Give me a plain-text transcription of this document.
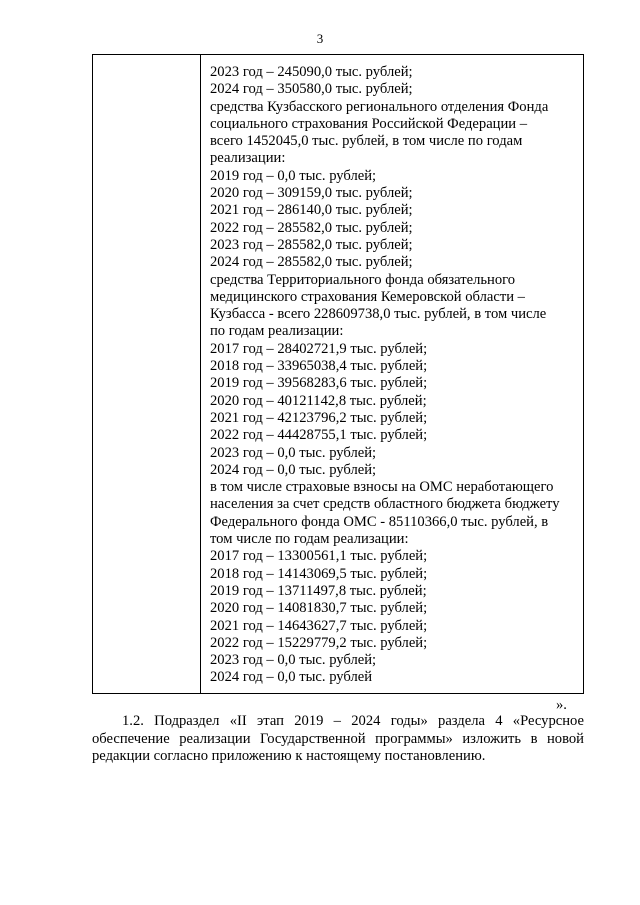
3
2023 год – 245090,0 тыс. рублей;
2024 год – 350580,0 тыс. рублей;
средства Кузбасского регионального отделения Фонда
социального страхования Российской Федерации –
всего 1452045,0 тыс. рублей, в том числе по годам
реализации:
2019 год – 0,0 тыс. рублей;
2020 год – 309159,0 тыс. рублей;
2021 год – 286140,0 тыс. рублей;
2022 год – 285582,0 тыс. рублей;
2023 год – 285582,0 тыс. рублей;
2024 год – 285582,0 тыс. рублей;
средства Территориального фонда обязательного
медицинского страхования Кемеровской области –
Кузбасса - всего 228609738,0 тыс. рублей, в том числе
по годам реализации:
2017 год – 28402721,9 тыс. рублей;
2018 год – 33965038,4 тыс. рублей;
2019 год – 39568283,6 тыс. рублей;
2020 год – 40121142,8 тыс. рублей;
2021 год – 42123796,2 тыс. рублей;
2022 год – 44428755,1 тыс. рублей;
2023 год – 0,0 тыс. рублей;
2024 год – 0,0 тыс. рублей;
в том числе страховые взносы на ОМС неработающего
населения за счет средств областного бюджета бюджету
Федерального фонда ОМС - 85110366,0 тыс. рублей, в
том числе по годам реализации:
2017 год – 13300561,1 тыс. рублей;
2018 год – 14143069,5 тыс. рублей;
2019 год – 13711497,8 тыс. рублей;
2020 год – 14081830,7 тыс. рублей;
2021 год – 14643627,7 тыс. рублей;
2022 год – 15229779,2 тыс. рублей;
2023 год – 0,0 тыс. рублей;
2024 год – 0,0 тыс. рублей
».
1.2. Подраздел «II этап 2019 – 2024 годы» раздела 4 «Ресурсное
обеспечение реализации Государственной программы» изложить в новой
редакции согласно приложению к настоящему постановлению.
